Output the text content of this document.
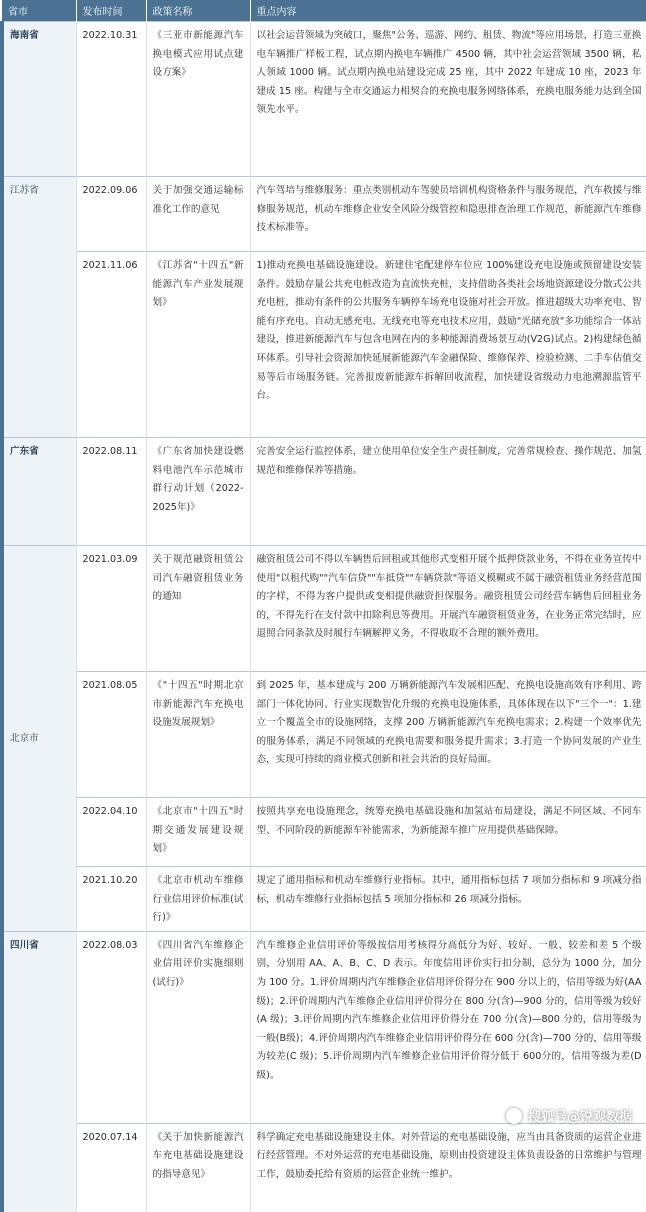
省市	发布时间	政策名称	重点内容
海南省	2022.10.31	《三亚市新能源汽车换电模式应用试点建设方案》	以社会运营领域为突破口，聚焦"公务、巡游、网约、租赁、物流"等应用场景，打造三亚换电车辆推广样板工程，试点期内换电车辆推广 4500 辆，其中社会运营领域 3500 辆，私人领域 1000 辆。试点期内换电站建设完成 25 座，其中 2022 年建成 10 座，2023 年建成 15 座。构建与全市交通运力相契合的充换电服务网络体系，充换电服务能力达到全国领先水平。
江苏省	2022.09.06	关于加强交通运输标准化工作的意见	汽车驾培与维修服务：重点类别机动车驾驶员培训机构资格条件与服务规范，汽车救援与维修服务规范，机动车维修企业安全风险分级管控和隐患排查治理工作规范，新能源汽车维修技术标准等。
	2021.11.06	《江苏省"十四五"新能源汽车产业发展规划》	1)推动充换电基础设施建设。新建住宅配建停车位应 100%建设充电设施或预留建设安装条件。鼓励存量公共充电桩改造为直流快充桩，支持借助各类社会场地资源建设分散式公共充电桩，推动有条件的公共服务车辆停车场充电设施对社会开放。推进超级大功率充电、智能有序充电、自动无感充电、无线充电等充电技术应用，鼓励"光储充放"多功能综合一体站建设，推进新能源汽车与包含电网在内的多种能源消费场景互动(V2G)试点。2)构建绿色循环体系。引导社会资源加快延展新能源汽车金融保险、维修保养、检验检测、二手车估值交易等后市场服务链。完善报废新能源车拆解回收流程，加快建设省级动力电池溯源监管平台。
广东省	2022.08.11	《广东省加快建设燃料电池汽车示范城市群行动计划（2022-2025年)》	完善安全运行监控体系，建立使用单位安全生产责任制度，完善常规检查、操作规范、加氢规范和维修保养等措施。
北京市	2021.03.09	关于规范融资租赁公司汽车融资租赁业务的通知	融资租赁公司不得以车辆售后回租或其他形式变相开展个抵押贷款业务，不得在业务宣传中使用"以租代购""汽车信贷""车抵贷""车辆贷款"等语义模糊或不属于融资租赁业务经营范围的字样，不得为客户提供或变相提供融资担保服务。融资租赁公司经营车辆售后回租业务的，不得先行在支付款中扣除利息等费用。开展汽车融资租赁业务，在业务正常完结时，应退照合同条款及时履行车辆解押义务，不得收取不合理的额外费用。
	2021.08.05	《"十四五"时期北京市新能源汽车充换电设施发展规划》	到 2025 年，基本建成与 200 万辆新能源汽车发展相匹配、充换电设施高效有序利用、跨部门一体化协同、行业实现数智化升级的充换电设施体系，具体体现在以下"三个一"：1.建立一个覆盖全市的设施网络，支撑 200 万辆新能源汽车充换电需求；2.构建一个效率优先的服务体系，满足不同领域的充换电需要和服务提升需求；3.打造一个协同发展的产业生态，实现可持续的商业模式创新和社会共治的良好局面。
	2022.04.10	《北京市"十四五"时期交通发展建设规划》	按照共享充电设施理念，统筹充换电基础设施和加氢站布局建设，满足不同区域、不同车型、不同阶段的新能源车补能需求，为新能源车推广应用提供基础保障。
	2021.10.20	《北京市机动车维修行业信用评价标准(试行)》	规定了通用指标和机动车维修行业指标。其中，通用指标包括 7 项加分指标和 9 项减分指标，机动车维修行业指标包括 5 项加分指标和 26 项减分指标。
四川省	2022.08.03	《四川省汽车维修企业信用评价实施细则(试行)》	汽车维修企业信用评价等级按信用考核得分高低分为好、较好、一般、较差和差 5 个级别，分别用 AA、A、B、C、D 表示。年度信用评价实行扣分制，总分为 1000 分，加分为 100 分。1.评价周期内汽车维修企业信用评价得分在 900 分以上的，信用等级为好(AA 级)；2.评价周期内汽车维修企业信用评价得分在 800 分(含)—900 分的，信用等级为较好(A 级)；3.评价周期内汽车维修企业信用评价得分在 700 分(含)—800 分的，信用等级为一般(B级)；4.评价周期内汽车维修企业信用评价得分在 600 分(含)—700 分的，信用等级为较差(C 级)；5.评价周期内汽车维修企业信用评价得分低于 600分的，信用等级为差(D 级)。
	2020.07.14	《关于加快新能源汽车充电基础设施建设的指导意见》	科学确定充电基础设施建设主体。对外营运的充电基础设施，应当由具备资质的运营企业进行经营管理。不对外运营的充电基础设施，原则由投资建设主体负责设备的日常维护与管理工作，鼓励委托给有资质的运营企业统一维护。
搜狐号@锐观数据
